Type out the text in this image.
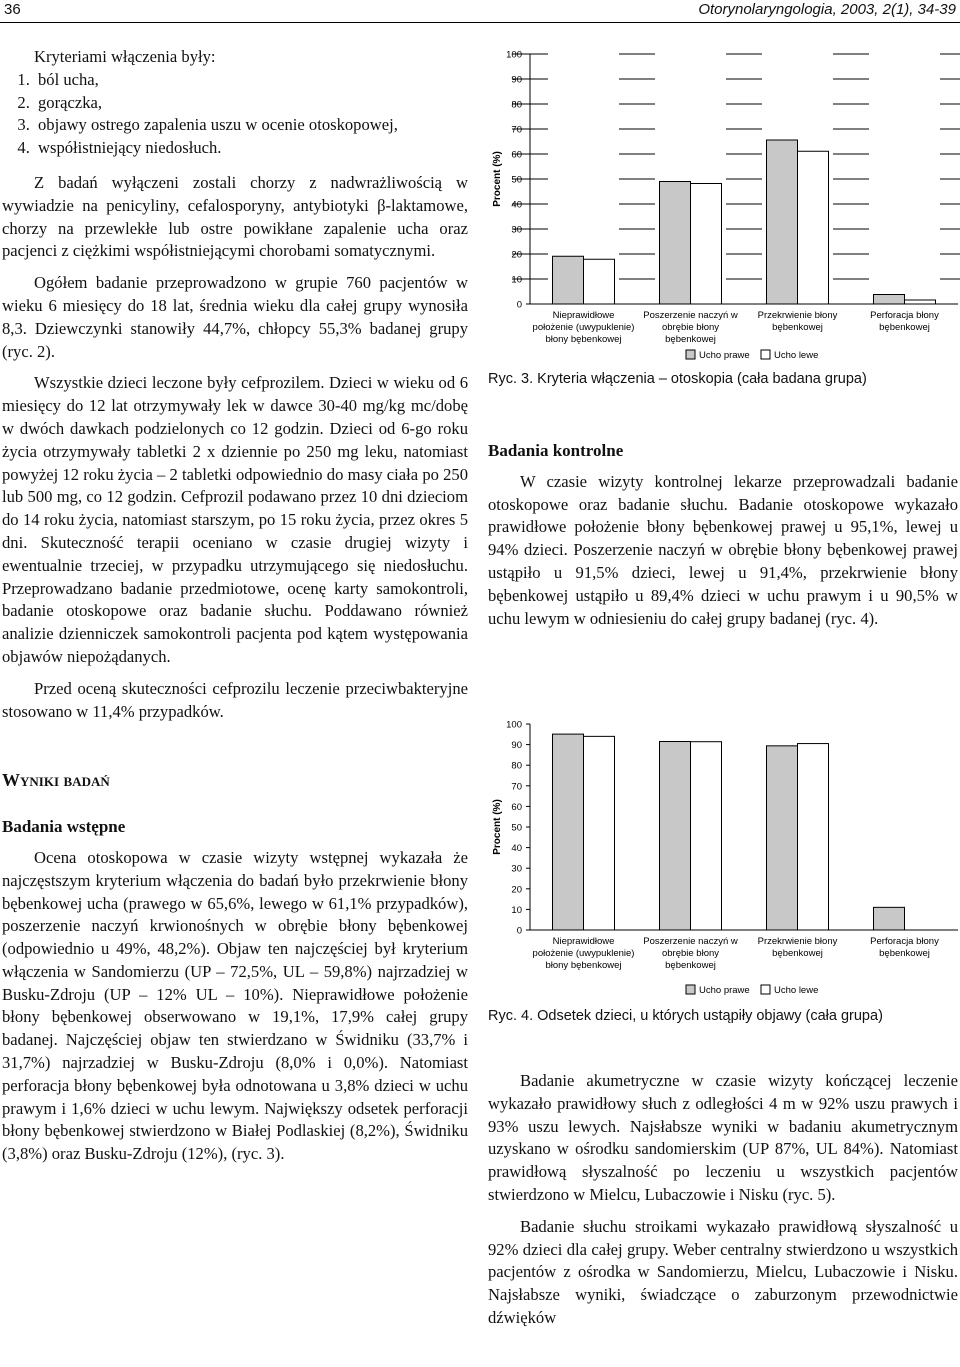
36	Otorynolaryngologia, 2003, 2(1), 34-39

Kryteriami włączenia były:

1. ból ucha,
2. gorączka,
3. objawy ostrego zapalenia uszu w ocenie otoskopowej,
4. współistniejący niedosłuch.

Z badań wyłączeni zostali chorzy z nadwrażliwością w wywiadzie na penicyliny, cefalosporyny, antybiotyki β-laktamowe, chorzy na przewlekłe lub ostre powikłane zapalenie ucha oraz pacjenci z ciężkimi współistniejącymi chorobami somatycznymi.

Ogółem badanie przeprowadzono w grupie 760 pacjentów w wieku 6 miesięcy do 18 lat, średnia wieku dla całej grupy wynosiła 8,3. Dziewczynki stanowiły 44,7%, chłopcy 55,3% badanej grupy (ryc. 2).

Wszystkie dzieci leczone były cefprozilem. Dzieci w wieku od 6 miesięcy do 12 lat otrzymywały lek w dawce 30-40 mg/kg mc/dobę w dwóch dawkach podzielonych co 12 godzin. Dzieci od 6-go roku życia otrzymywały tabletki 2 x dziennie po 250 mg leku, natomiast powyżej 12 roku życia – 2 tabletki odpowiednio do masy ciała po 250 lub 500 mg, co 12 godzin. Cefprozil podawano przez 10 dni dzieciom do 14 roku życia, natomiast starszym, po 15 roku życia, przez okres 5 dni. Skuteczność terapii oceniano w czasie drugiej wizyty i ewentualnie trzeciej, w przypadku utrzymującego się niedosłuchu. Przeprowadzano badanie przedmiotowe, ocenę karty samokontroli, badanie otoskopowe oraz badanie słuchu. Poddawano również analizie dzienniczek samokontroli pacjenta pod kątem występowania objawów niepożądanych.

Przed oceną skuteczności cefprozilu leczenie przeciwbakteryjne stosowano w 11,4% przypadków.

Wyniki badań
Badania wstępne

Ocena otoskopowa w czasie wizyty wstępnej wykazała że najczęstszym kryterium włączenia do badań było przekrwienie błony bębenkowej ucha (prawego w 65,6%, lewego w 61,1% przypadków), poszerzenie naczyń krwionośnych w obrębie błony bębenkowej (odpowiednio u 49%, 48,2%). Objaw ten najczęściej był kryterium włączenia w Sandomierzu (UP – 72,5%, UL – 59,8%) najrzadziej w Busku-Zdroju (UP – 12% UL – 10%). Nieprawidłowe położenie błony bębenkowej obserwowano w 19,1%, 17,9% całej grupy badanej. Najczęściej objaw ten stwierdzano w Świdniku (33,7% i 31,7%) najrzadziej w Busku-Zdroju (8,0% i 0,0%). Natomiast perforacja błony bębenkowej była odnotowana u 3,8% dzieci w uchu prawym i 1,6% dzieci w uchu lewym. Największy odsetek perforacji błony bębenkowej stwierdzono w Białej Podlaskiej (8,2%), Świdniku (3,8%) oraz Busku-Zdroju (12%), (ryc. 3).

0
10
20
30
40
50
60
70
80
90
100
Procent (%)
Nieprawidłowe
położenie (uwypuklenie)
błony bębenkowej
Poszerzenie naczyń w
obrębie błony
bębenkowej
Przekrwienie błony
bębenkowej
Perforacja błony
bębenkowej
Ucho prawe	Ucho lewe
Ryc. 3. Kryteria włączenia – otoskopia (cała badana grupa)
Badania kontrolne

W czasie wizyty kontrolnej lekarze przeprowadzali badanie otoskopowe oraz badanie słuchu. Badanie otoskopowe wykazało prawidłowe położenie błony bębenkowej prawej u 95,1%, lewej u 94% dzieci. Poszerzenie naczyń w obrębie błony bębenkowej prawej ustąpiło u 91,5% dzieci, lewej u 91,4%, przekrwienie błony bębenkowej ustąpiło u 89,4% dzieci w uchu prawym i u 90,5% w uchu lewym w odniesieniu do całej grupy badanej (ryc. 4).

0
10
20
30
40
50
60
70
80
90
100
Procent (%)
Nieprawidłowe
położenie (uwypuklenie)
błony bębenkowej
Poszerzenie naczyń w
obrębie błony
bębenkowej
Przekrwienie błony
bębenkowej
Perforacja błony
bębenkowej
Ucho prawe	Ucho lewe
Ryc. 4. Odsetek dzieci, u których ustąpiły objawy (cała grupa)

Badanie akumetryczne w czasie wizyty kończącej leczenie wykazało prawidłowy słuch z odległości 4 m w 92% uszu prawych i 93% uszu lewych. Najsłabsze wyniki w badaniu akumetrycznym uzyskano w ośrodku sandomierskim (UP 87%, UL 84%). Natomiast prawidłową słyszalność po leczeniu u wszystkich pacjentów stwierdzono w Mielcu, Lubaczowie i Nisku (ryc. 5).

Badanie słuchu stroikami wykazało prawidłową słyszalność u 92% dzieci dla całej grupy. Weber centralny stwierdzono u wszystkich pacjentów z ośrodka w Sandomierzu, Mielcu, Lubaczowie i Nisku. Najsłabsze wyniki, świadczące o zaburzonym przewodnictwie dźwięków
